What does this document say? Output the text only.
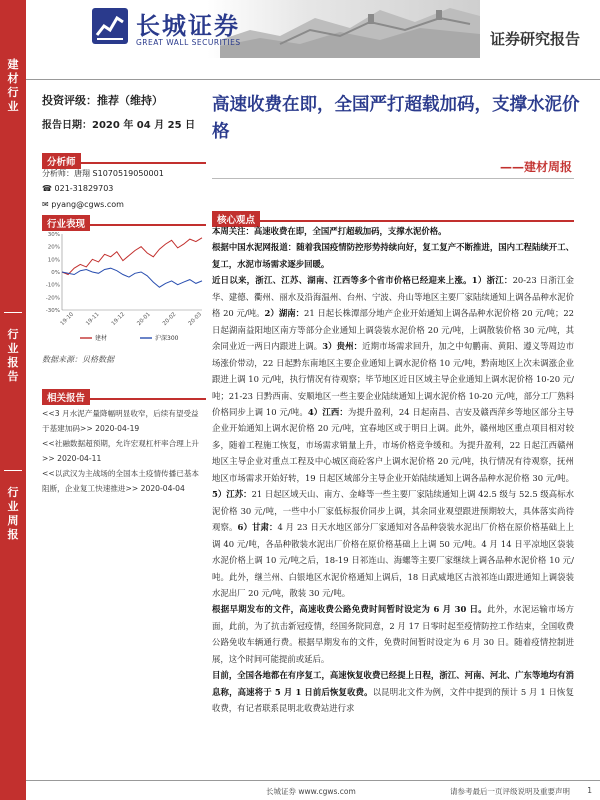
建材行业
行业报告
行业周报
长城证券
GREAT WALL SECURITIES	证券研究报告
投资评级：推荐（维持）
报告日期：2020 年 04 月 25 日
分析师
分析师：唐翔 S1070519050001
☎ 021-31829703
✉ pyang@cgws.com
行业表现
30%
20%
10%
0%
-10%
-20%
-30%
19-10 19-11 19-12 20-01 20-02 20-03
建材	沪深300
数据来源：贝格数据
相关报告
<<3 月水泥产量降幅明显收窄，后续有望受益于基建加码>> 2020-04-19
<<社融数据超预期，允许宏观杠杆率合理上升>> 2020-04-11
<<以武汉为主战场的全国本土疫情传播已基本阻断，企业复工快速推进>> 2020-04-04
高速收费在即，全国严打超载加码，支撑水泥价格
——建材周报
核心观点

本周关注：高速收费在即，全国严打超载加码，支撑水泥价格。

根据中国水泥网报道：随着我国疫情防控形势持续向好，复工复产不断推进，国内工程陆续开工、复工，水泥市场需求逐步回暖。

近日以来，浙江、江苏、湖南、江西等多个省市价格已经迎来上涨。1）浙江：20-23 日浙江金华、建德、衢州、丽水及沿海温州、台州、宁波、舟山等地区主要厂家陆续通知上调各品种水泥价格 20 元/吨。2）湖南：21 日起长株潭部分地产企业开始通知上调各品种水泥价格 20 元/吨；22 日起湖南益阳地区南方等部分企业通知上调袋装水泥价格 20 元/吨，上调散装价格 30 元/吨，其余同业近一两日内跟进上调。3）贵州：近期市场需求回升，加之中旬鹏南、黄阳、遵义等周边市场涨价带动，22 日起黔东南地区主要企业通知上调水泥价格 10 元/吨，黔南地区上次未调涨企业跟进上调 10 元/吨，执行情况有待观察；毕节地区近日区域主导企业通知上调水泥价格 10-20 元/吨；21-23 日黔西南、安顺地区一些主要企业陆续通知上调水泥价格 10-20 元/吨，部分工厂熟料价格同步上调 10 元/吨。4）江西：为提升盈利，24 日起南昌、吉安及赣西萍乡等地区部分主导企业开始通知上调水泥价格 20 元/吨，宜春地区或于明日上调。此外，赣州地区重点项目相对较多，随着工程施工恢复，市场需求销量上升，市场价格竞争缓和。为提升盈利，22 日起江西赣州地区主导企业对重点工程及中心城区商砼客户上调水泥价格 20 元/吨，执行情况有待观察，抚州地区市场需求开始好转，19 日起区域部分主导企业开始陆续通知上调各品种水泥价格 30 元/吨。5）江苏：21 日起区域天山、南方、金峰等一些主要厂家陆续通知上调 42.5 级与 52.5 级高标水泥价格 30 元/吨，一些中小厂家低标报价同步上调，其余同业观望跟进预期较大，具体落实尚待观察。6）甘肃：4 月 23 日天水地区部分厂家通知对各品种袋装水泥出厂价格在原价格基础上上调 40 元/吨，各品种散装水泥出厂价格在原价格基础上上调 50 元/吨。4 月 14 日平凉地区袋装水泥价格上调 10 元/吨之后，18-19 日祁连山、海螺等主要厂家继续上调各品种水泥价格 10 元/吨。此外，继兰州、白银地区水泥价格通知上调后，18 日武威地区古浪祁连山跟进通知上调袋装水泥出厂 20 元/吨，散装 30 元/吨。

根据早期发布的文件，高速收费公路免费时间暂时设定为 6 月 30 日。此外，水泥运输市场方面，此前，为了抗击新冠疫情，经国务院同意，2 月 17 日零时起至疫情防控工作结束，全国收费公路免收车辆通行费。根据早期发布的文件，免费时间暂时设定为 6 月 30 日。随着疫情控制进展，这个时间可能提前或延后。

目前，全国各地都在有序复工，高速恢复收费已经提上日程，浙江、河南、河北、广东等地均有消息称，高速将于 5 月 1 日前后恢复收费。以昆明北文件为例，文件中提到的预计 5 月 1 日恢复收费，有记者联系昆明北收费站进行求

长城证券 www.cgws.com	请参考最后一页评级说明及重要声明 1
